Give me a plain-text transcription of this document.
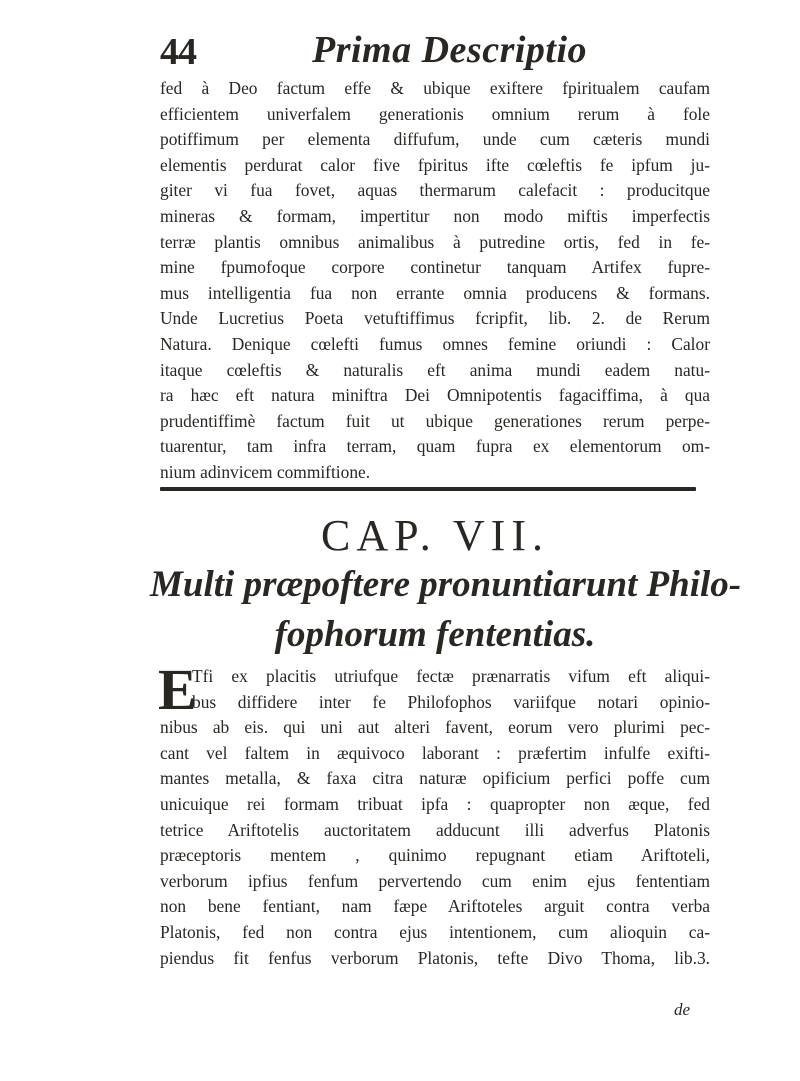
44	Prima Descriptio
fed à Deo factum effe & ubique exiftere fpiritualem caufam
efficientem univerfalem generationis omnium rerum à fole
potiffimum per elementa diffufum, unde cum cæteris mundi
elementis perdurat calor five fpiritus ifte cœleftis fe ipfum ju-
giter vi fua fovet, aquas thermarum calefacit : producitque
mineras & formam, impertitur non modo miftis imperfectis
terræ plantis omnibus animalibus à putredine ortis, fed in fe-
mine fpumofoque corpore continetur tanquam Artifex fupre-
mus intelligentia fua non errante omnia producens & formans.
Unde Lucretius Poeta vetuftiffimus fcripfit, lib. 2. de Rerum
Natura. Denique cœlefti fumus omnes femine oriundi : Calor
itaque cœleftis & naturalis eft anima mundi eadem natu-
ra hæc eft natura miniftra Dei Omnipotentis fagaciffima, à qua
prudentiffimè factum fuit ut ubique generationes rerum perpe-
tuarentur, tam infra terram, quam fupra ex elementorum om-
nium adinvicem commiftione.
CAP. VII.
Multi præpoftere pronuntiarunt Philo-
fophorum fententias.
E
Tfi ex placitis utriufque fectæ prænarratis vifum eft aliqui-
bus diffidere inter fe Philofophos variifque notari opinio-
nibus ab eis. qui uni aut alteri favent, eorum vero plurimi pec-
cant vel faltem in æquivoco laborant : præfertim infulfe exifti-
mantes metalla, & faxa citra naturæ opificium perfici poffe cum
unicuique rei formam tribuat ipfa : quapropter non æque, fed
tetrice Ariftotelis auctoritatem adducunt illi adverfus Platonis
præceptoris mentem , quinimo repugnant etiam Ariftoteli,
verborum ipfius fenfum pervertendo cum enim ejus fententiam
non bene fentiant, nam fæpe Ariftoteles arguit contra verba
Platonis, fed non contra ejus intentionem, cum alioquin ca-
piendus fit fenfus verborum Platonis, tefte Divo Thoma, lib.3.
de
